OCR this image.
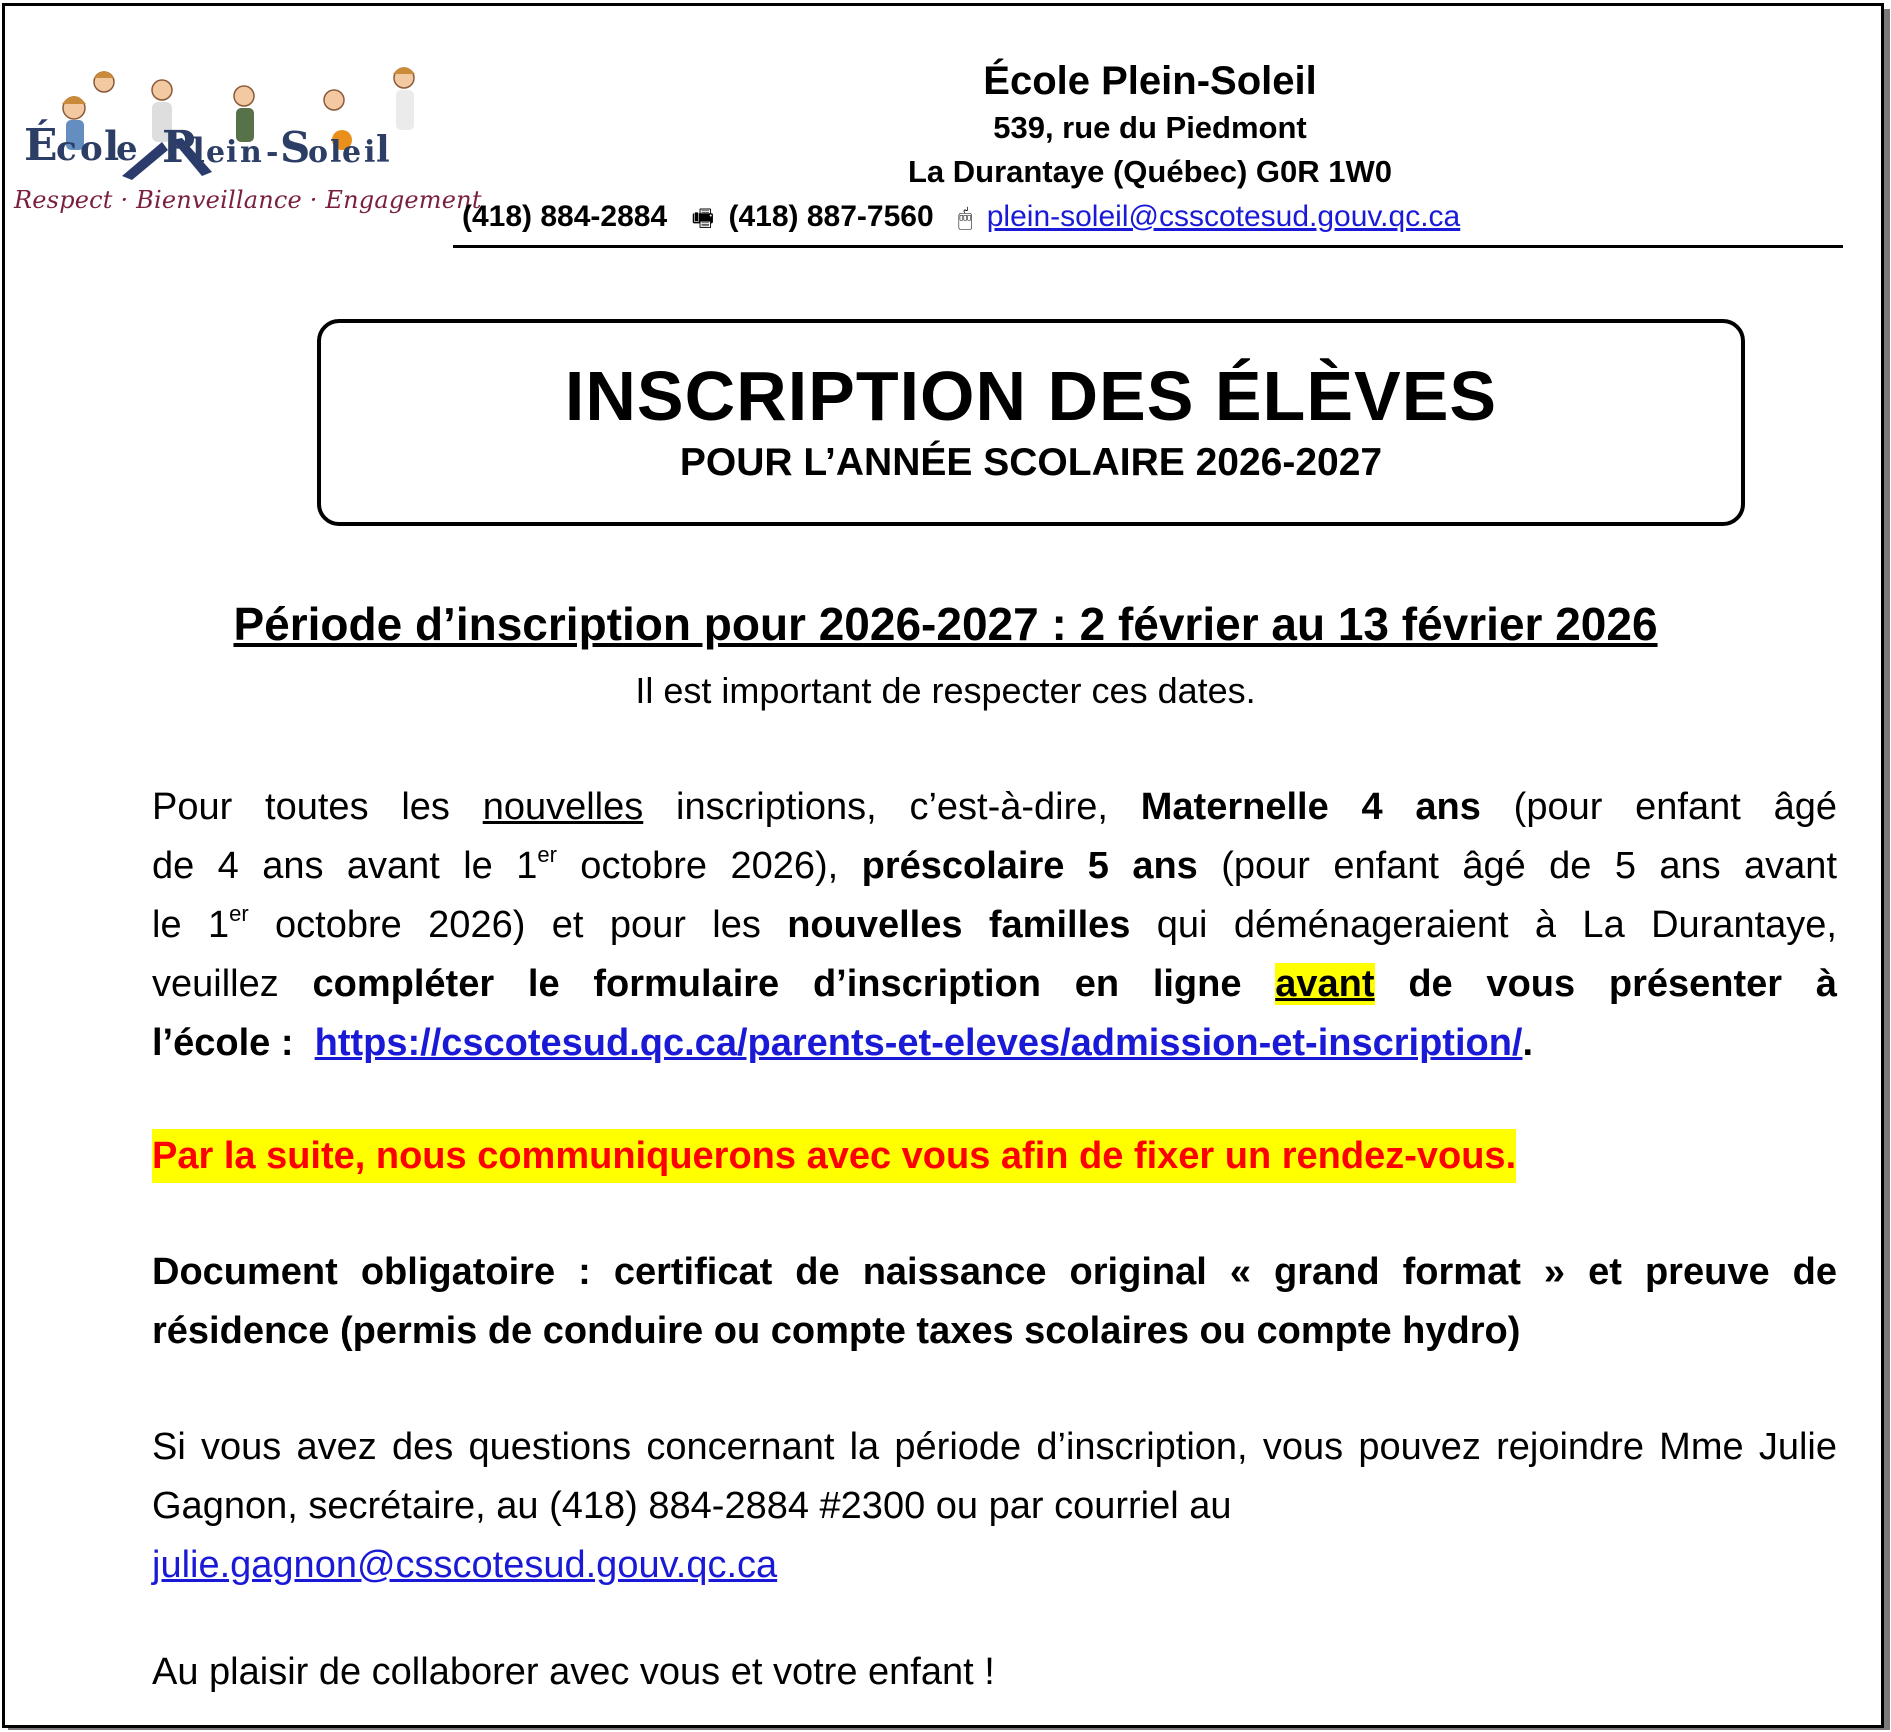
É
c o l
e P
l e i n - S
o l e i l
Respect · Bienveillance · Engagement
École Plein-Soleil
539, rue du Piedmont
La Durantaye (Québec) G0R 1W0
(418) 884-2884 🖷 (418) 887-7560 🖱 plein-soleil@csscotesud.gouv.qc.ca
INSCRIPTION DES ÉLÈVES
POUR L’ANNÉE SCOLAIRE 2026-2027
Période d’inscription pour 2026-2027 : 2 février au 13 février 2026
Il est important de respecter ces dates.
Pour toutes les nouvelles inscriptions, c’est-à-dire, Maternelle 4 ans (pour enfant âgé
de 4 ans avant le 1er octobre 2026), préscolaire 5 ans (pour enfant âgé de 5 ans avant
le 1er octobre 2026) et pour les nouvelles familles qui déménageraient à La Durantaye,
veuillez compléter le formulaire d’inscription en ligne avant de vous présenter à
l’école :  https://cscotesud.qc.ca/parents-et-eleves/admission-et-inscription/.
Par la suite, nous communiquerons avec vous afin de fixer un rendez-vous.
Document obligatoire : certificat de naissance original « grand format » et preuve de résidence (permis de conduire ou compte taxes scolaires ou compte hydro)
Si vous avez des questions concernant la période d’inscription, vous pouvez rejoindre Mme Julie Gagnon, secrétaire, au (418) 884-2884 #2300 ou par courriel au
julie.gagnon@csscotesud.gouv.qc.ca
Au plaisir de collaborer avec vous et votre enfant !
